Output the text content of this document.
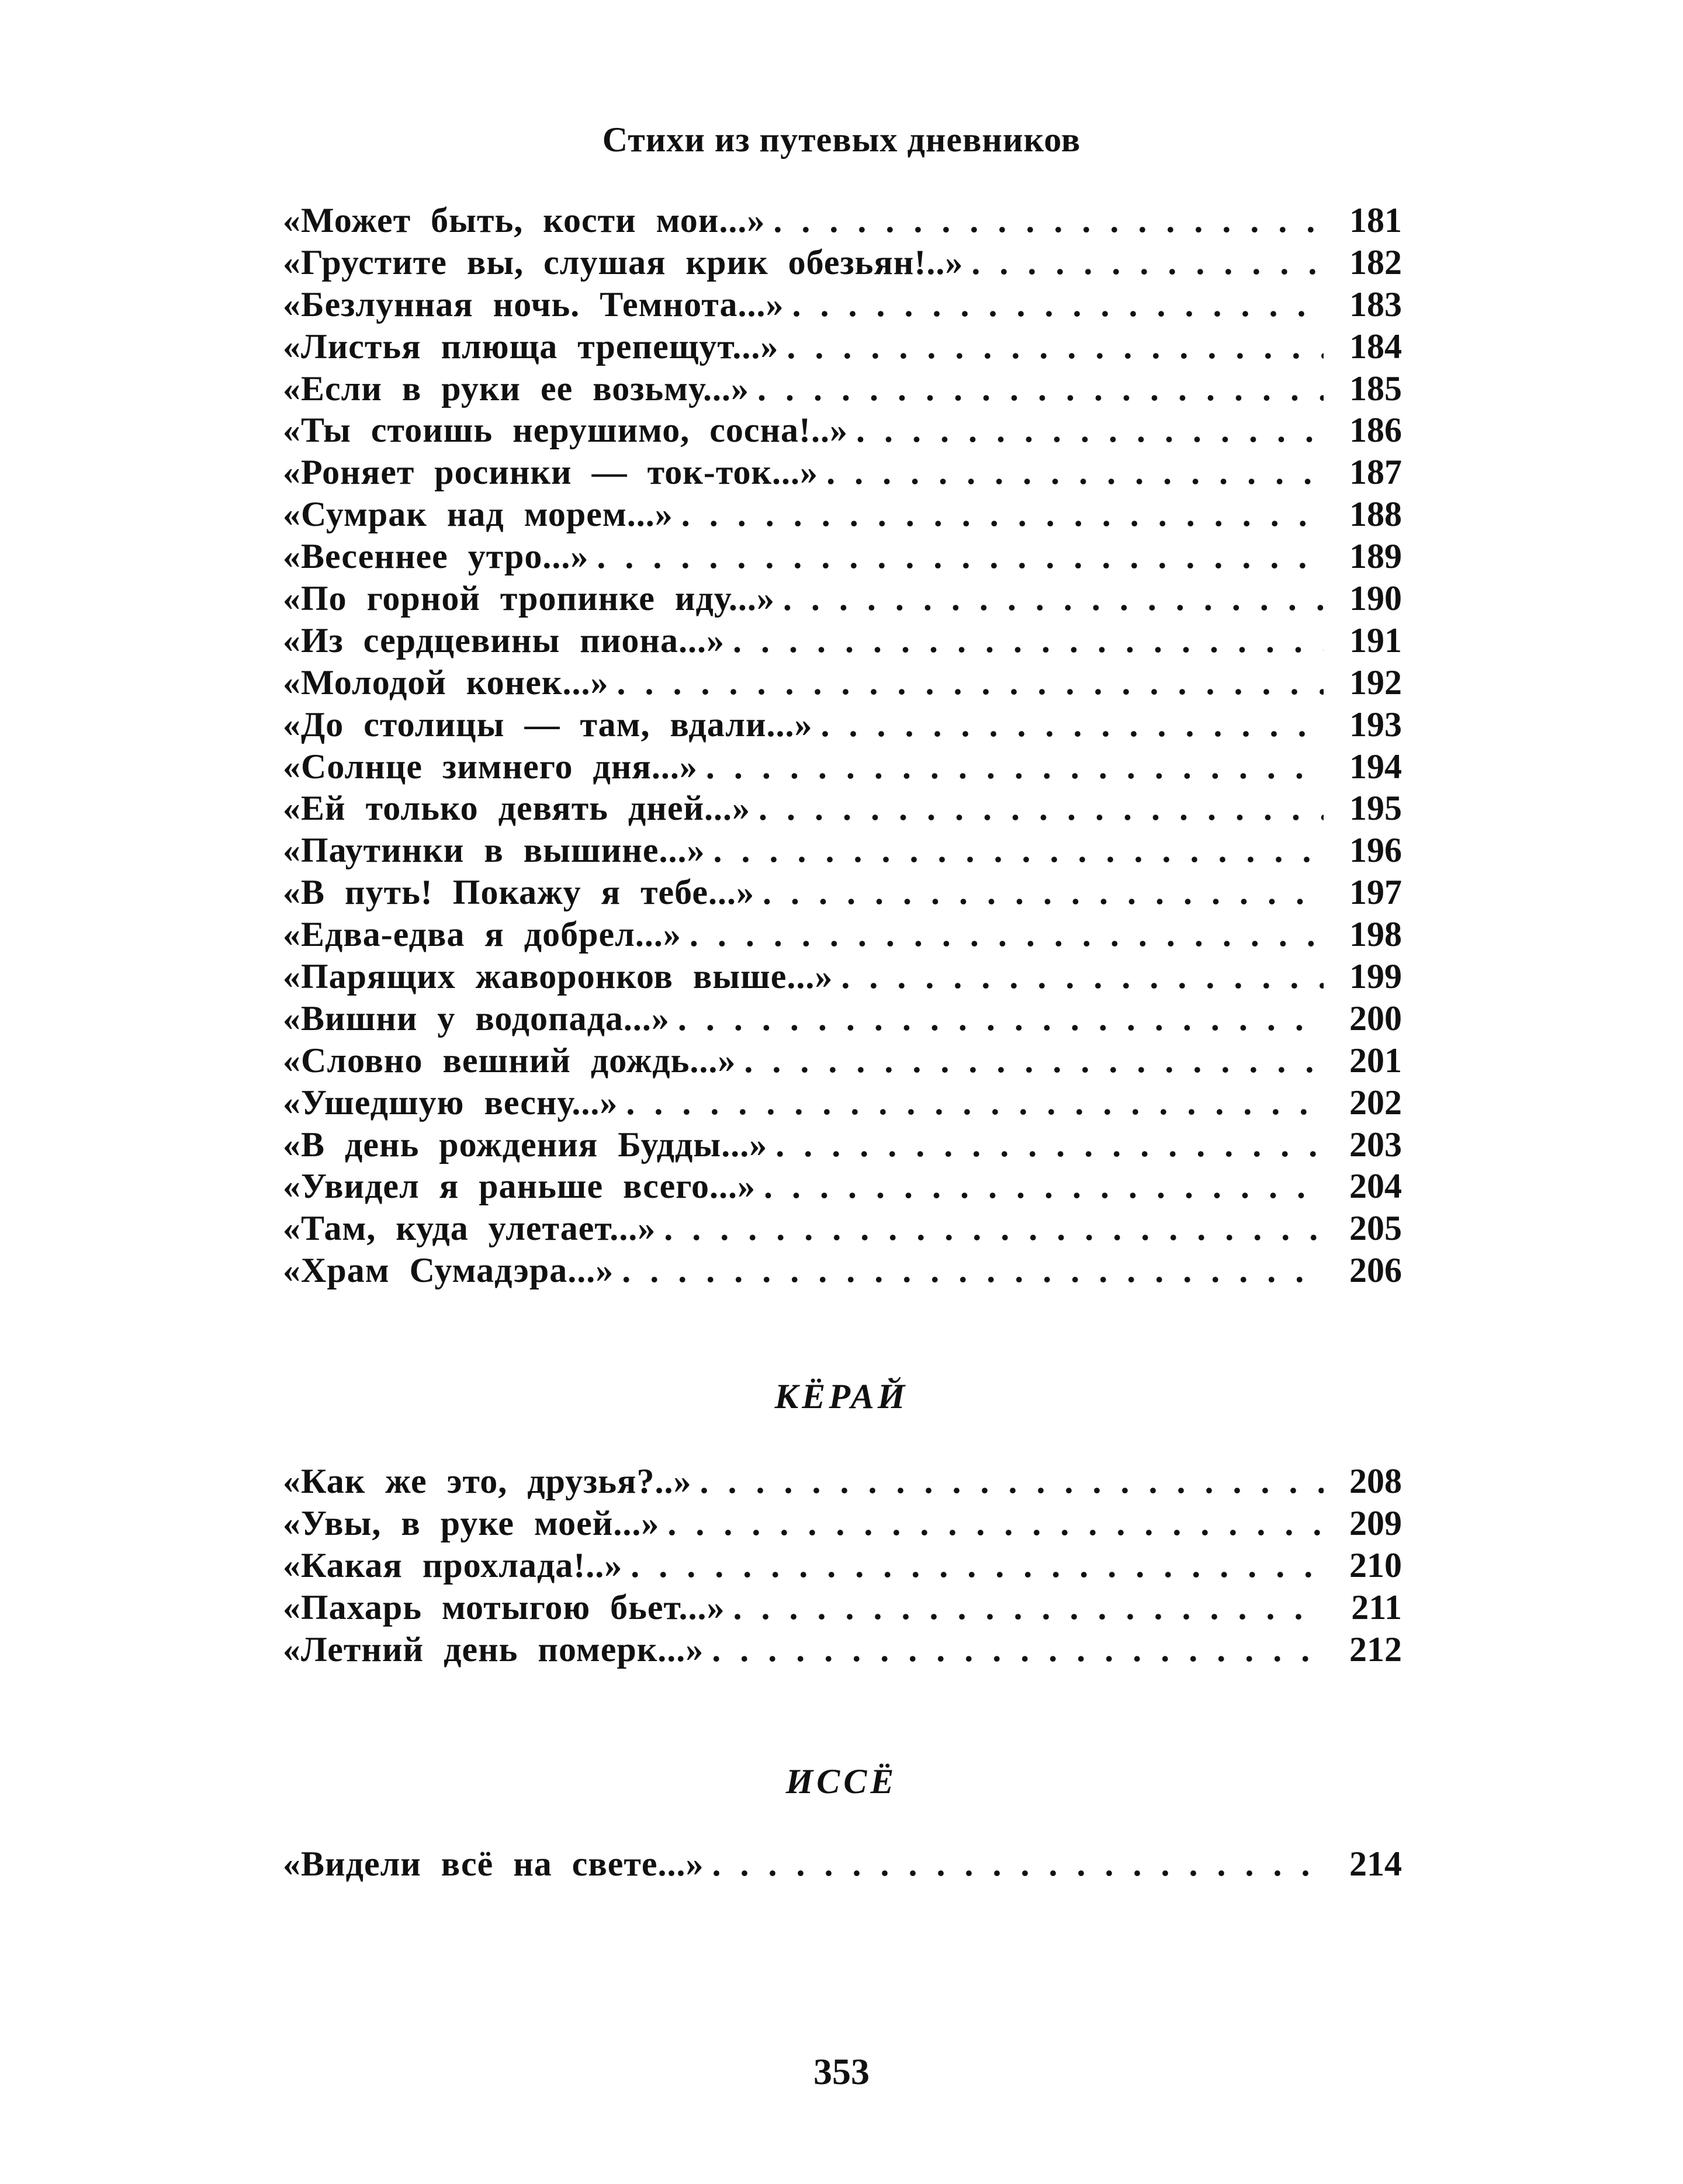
Стихи из путевых дневников
«Может быть, кости мои...» . . .	181
«Грустите вы, слушая крик обезьян!..» . . .	182
«Безлунная ночь. Темнота...» . . .	183
«Листья плюща трепещут...» . . .	184
«Если в руки ее возьму...» . . .	185
«Ты стоишь нерушимо, сосна!..» . . .	186
«Роняет росинки — ток-ток...» . . .	187
«Сумрак над морем...» . . .	188
«Весеннее утро...» . . .	189
«По горной тропинке иду...» . . .	190
«Из сердцевины пиона...» . . .	191
«Молодой конек...» . . .	192
«До столицы — там, вдали...» . . .	193
«Солнце зимнего дня...» . . .	194
«Ей только девять дней...» . . .	195
«Паутинки в вышине...» . . .	196
«В путь! Покажу я тебе...» . . .	197
«Едва-едва я добрел...» . . .	198
«Парящих жаворонков выше...» . . .	199
«Вишни у водопада...» . . .	200
«Словно вешний дождь...» . . .	201
«Ушедшую весну...» . . .	202
«В день рождения Будды...» . . .	203
«Увидел я раньше всего...» . . .	204
«Там, куда улетает...» . . .	205
«Храм Сумадэра...» . . .	206
КЁРАЙ
«Как же это, друзья?..» . . .	208
«Увы, в руке моей...» . . .	209
«Какая прохлада!..» . . .	210
«Пахарь мотыгою бьет...» . . .	211
«Летний день померк...» . . .	212
ИССЁ
«Видели всё на свете...» . . .	214
353
